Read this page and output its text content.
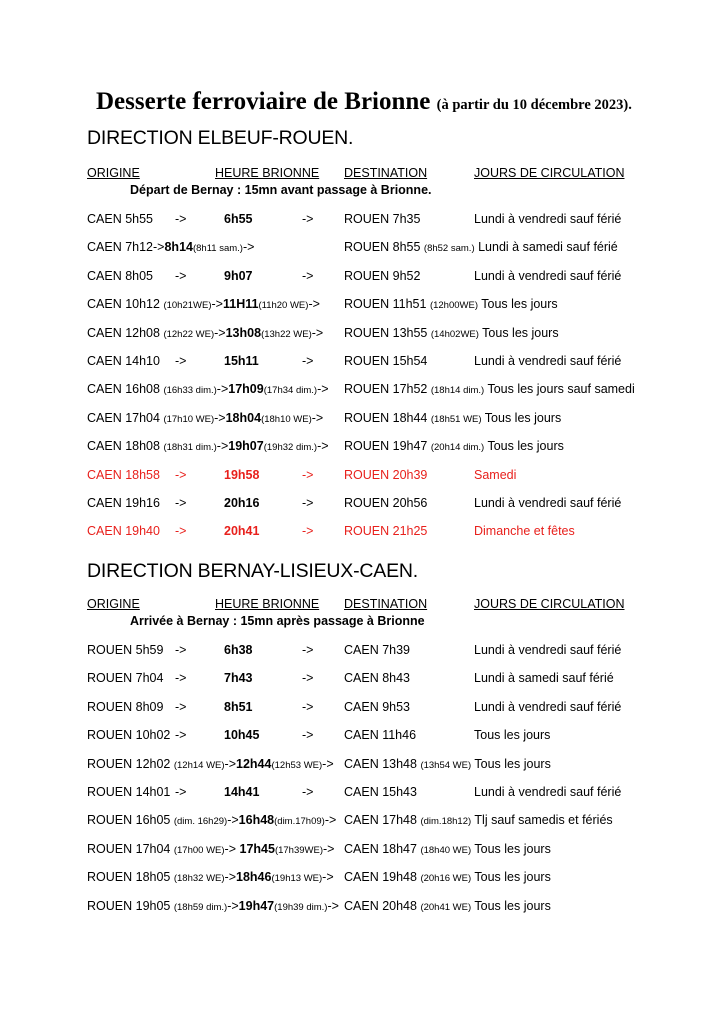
Desserte ferroviaire de Brionne (à partir du 10 décembre 2023).
DIRECTION ELBEUF-ROUEN.
ORIGINE	HEURE BRIONNE DESTINATION	JOURS DE CIRCULATION
Départ de Bernay : 15mn avant passage à Brionne.
CAEN 5h55 ->	6h55	-> ROUEN 7h35	Lundi à vendredi sauf férié
CAEN 7h12->8h14(8h11 sam.)->	ROUEN 8h55 (8h52 sam.) Lundi à samedi sauf férié
CAEN 8h05 ->	9h07	-> ROUEN 9h52	Lundi à vendredi sauf férié
CAEN 10h12 (10h21WE)->11H11(11h20 WE)-> ROUEN 11h51 (12h00WE) Tous les jours
CAEN 12h08 (12h22 WE)->13h08(13h22 WE)-> ROUEN 13h55 (14h02WE) Tous les jours
CAEN 14h10 ->	15h11	-> ROUEN 15h54	Lundi à vendredi sauf férié
CAEN 16h08 (16h33 dim.)->17h09(17h34 dim.)-> ROUEN 17h52 (18h14 dim.) Tous les jours sauf samedi
CAEN 17h04 (17h10 WE)->18h04(18h10 WE)-> ROUEN 18h44 (18h51 WE) Tous les jours
CAEN 18h08 (18h31 dim.)->19h07(19h32 dim.)-> ROUEN 19h47 (20h14 dim.) Tous les jours
CAEN 18h58 ->	19h58	-> ROUEN 20h39	Samedi
CAEN 19h16 ->	20h16	-> ROUEN 20h56	Lundi à vendredi sauf férié
CAEN 19h40 ->	20h41	-> ROUEN 21h25	Dimanche et fêtes
DIRECTION BERNAY-LISIEUX-CAEN.
ORIGINE	HEURE BRIONNE DESTINATION	JOURS DE CIRCULATION
Arrivée à Bernay : 15mn après passage à Brionne
ROUEN 5h59 ->	6h38	-> CAEN 7h39	Lundi à vendredi sauf férié
ROUEN 7h04 ->	7h43	-> CAEN 8h43	Lundi à samedi sauf férié
ROUEN 8h09 ->	8h51	-> CAEN 9h53	Lundi à vendredi sauf férié
ROUEN 10h02 ->	10h45	-> CAEN 11h46	Tous les jours
ROUEN 12h02 (12h14 WE)->12h44(12h53 WE)-> CAEN 13h48 (13h54 WE) Tous les jours
ROUEN 14h01 ->	14h41	-> CAEN 15h43	Lundi à vendredi sauf férié
ROUEN 16h05 (dim. 16h29)->16h48(dim.17h09)-> CAEN 17h48 (dim.18h12) Tlj sauf samedis et fériés
ROUEN 17h04 (17h00 WE)-> 17h45(17h39WE)-> CAEN 18h47 (18h40 WE) Tous les jours
ROUEN 18h05 (18h32 WE)->18h46(19h13 WE)-> CAEN 19h48 (20h16 WE) Tous les jours
ROUEN 19h05 (18h59 dim.)->19h47(19h39 dim.)-> CAEN 20h48 (20h41 WE) Tous les jours
